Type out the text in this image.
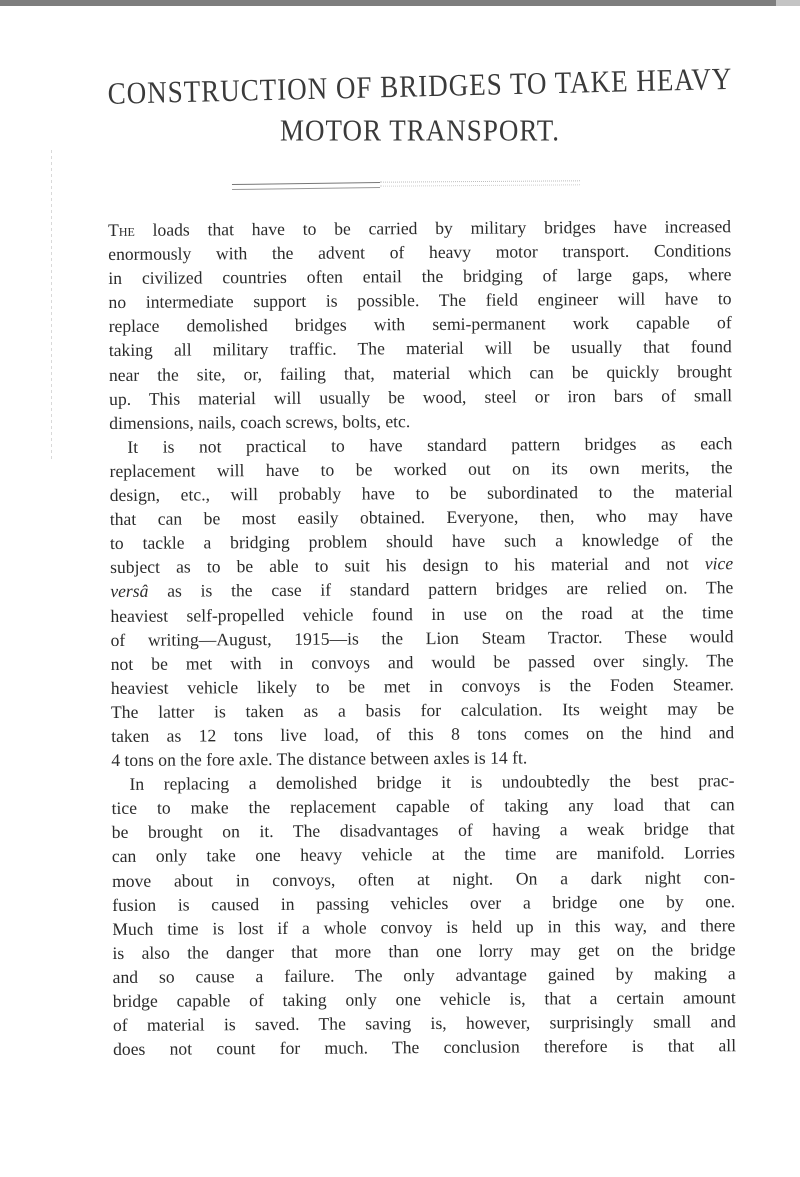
CONSTRUCTION OF BRIDGES TO TAKE HEAVY
MOTOR TRANSPORT.
The loads that have to be carried by military bridges have increased
enormously with the advent of heavy motor transport. Conditions
in civilized countries often entail the bridging of large gaps, where
no intermediate support is possible. The field engineer will have to
replace demolished bridges with semi-permanent work capable of
taking all military traffic. The material will be usually that found
near the site, or, failing that, material which can be quickly brought
up. This material will usually be wood, steel or iron bars of small
dimensions, nails, coach screws, bolts, etc.
It is not practical to have standard pattern bridges as each
replacement will have to be worked out on its own merits, the
design, etc., will probably have to be subordinated to the material
that can be most easily obtained. Everyone, then, who may have
to tackle a bridging problem should have such a knowledge of the
subject as to be able to suit his design to his material and not vice
versâ as is the case if standard pattern bridges are relied on. The
heaviest self-propelled vehicle found in use on the road at the time
of writing—August, 1915—is the Lion Steam Tractor. These would
not be met with in convoys and would be passed over singly. The
heaviest vehicle likely to be met in convoys is the Foden Steamer.
The latter is taken as a basis for calculation. Its weight may be
taken as 12 tons live load, of this 8 tons comes on the hind and
4 tons on the fore axle. The distance between axles is 14 ft.
In replacing a demolished bridge it is undoubtedly the best prac-
tice to make the replacement capable of taking any load that can
be brought on it. The disadvantages of having a weak bridge that
can only take one heavy vehicle at the time are manifold. Lorries
move about in convoys, often at night. On a dark night con-
fusion is caused in passing vehicles over a bridge one by one.
Much time is lost if a whole convoy is held up in this way, and there
is also the danger that more than one lorry may get on the bridge
and so cause a failure. The only advantage gained by making a
bridge capable of taking only one vehicle is, that a certain amount
of material is saved. The saving is, however, surprisingly small and
does not count for much. The conclusion therefore is that all
